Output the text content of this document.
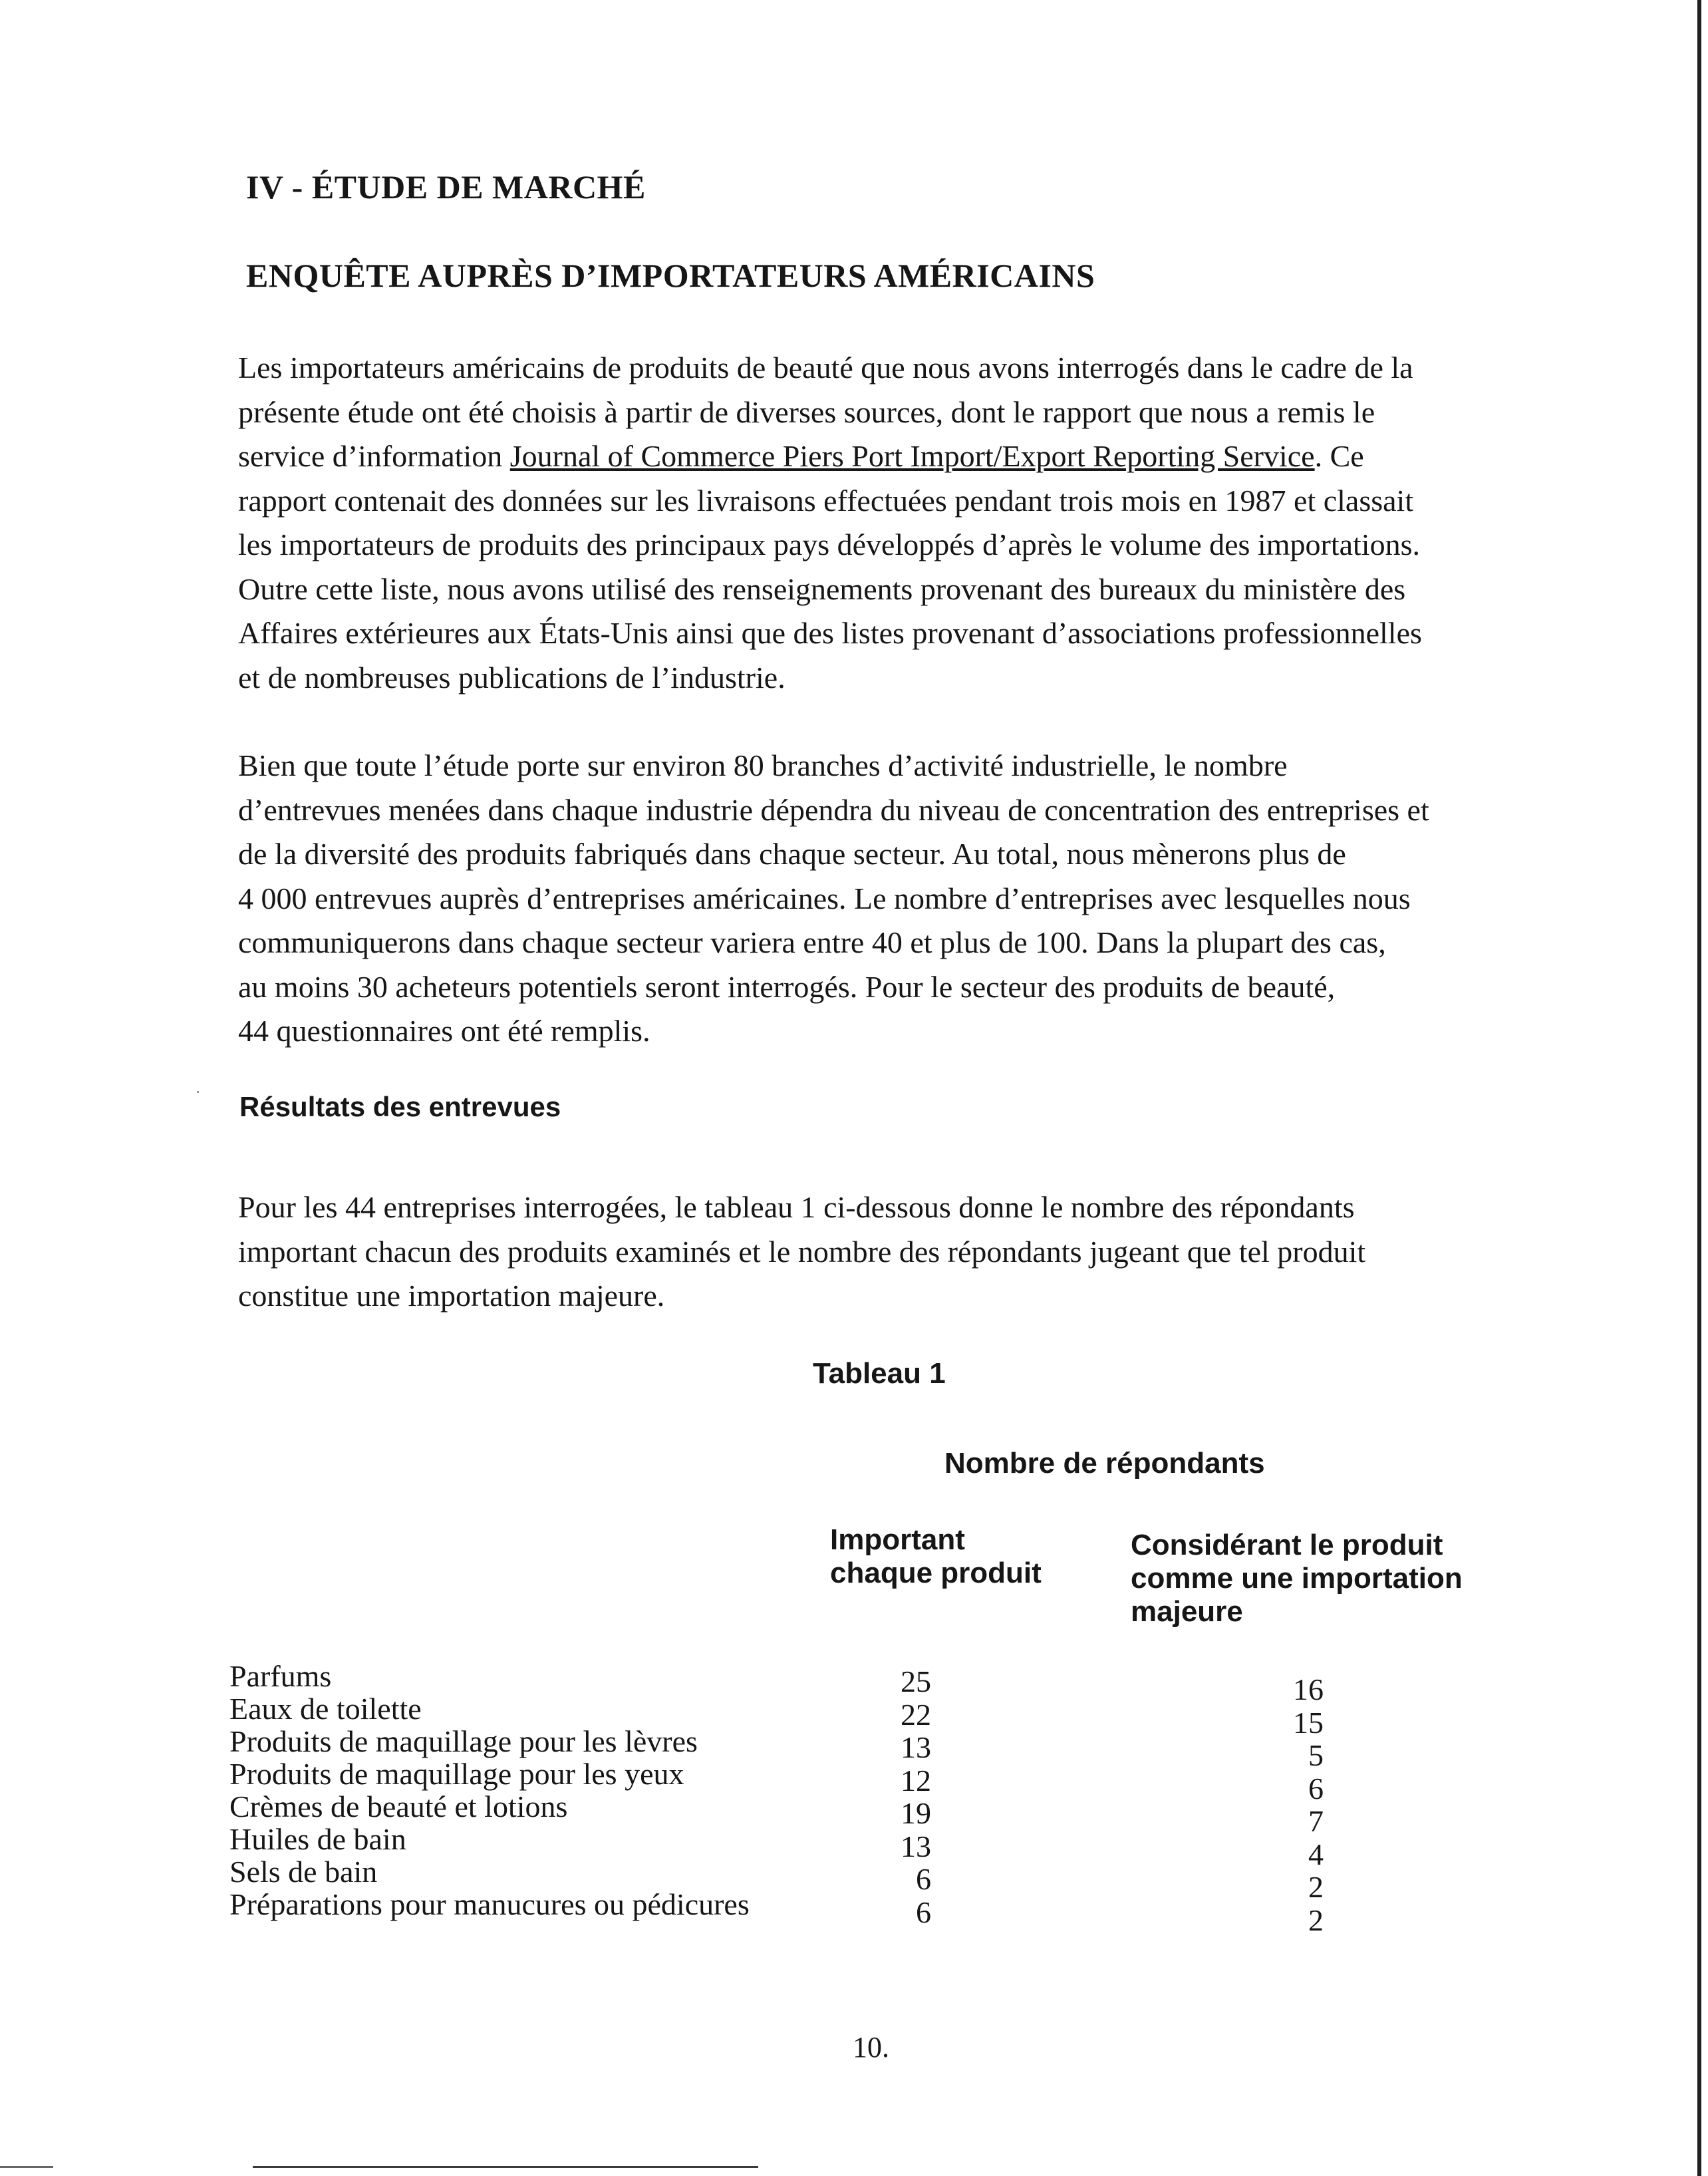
IV - ÉTUDE DE MARCHÉ
ENQUÊTE AUPRÈS D’IMPORTATEURS AMÉRICAINS

Les importateurs américains de produits de beauté que nous avons interrogés dans le cadre de la
présente étude ont été choisis à partir de diverses sources, dont le rapport que nous a remis le
service d’information Journal of Commerce Piers Port Import/Export Reporting Service. Ce
rapport contenait des données sur les livraisons effectuées pendant trois mois en 1987 et classait
les importateurs de produits des principaux pays développés d’après le volume des importations.
Outre cette liste, nous avons utilisé des renseignements provenant des bureaux du ministère des
Affaires extérieures aux États-Unis ainsi que des listes provenant d’associations professionnelles
et de nombreuses publications de l’industrie.

Bien que toute l’étude porte sur environ 80 branches d’activité industrielle, le nombre
d’entrevues menées dans chaque industrie dépendra du niveau de concentration des entreprises et
de la diversité des produits fabriqués dans chaque secteur. Au total, nous mènerons plus de
4 000 entrevues auprès d’entreprises américaines. Le nombre d’entreprises avec lesquelles nous
communiquerons dans chaque secteur variera entre 40 et plus de 100. Dans la plupart des cas,
au moins 30 acheteurs potentiels seront interrogés. Pour le secteur des produits de beauté,
44 questionnaires ont été remplis.

Résultats des entrevues

Pour les 44 entreprises interrogées, le tableau 1 ci-dessous donne le nombre des répondants
important chacun des produits examinés et le nombre des répondants jugeant que tel produit
constitue une importation majeure.

Tableau 1
Nombre de répondants
Important
chaque produit
Considérant le produit
comme une importation
majeure
Parfums
Eaux de toilette
Produits de maquillage pour les lèvres
Produits de maquillage pour les yeux
Crèmes de beauté et lotions
Huiles de bain
Sels de bain
Préparations pour manucures ou pédicures
25
22
13
12
19
13
6
6
16
15
5
6
7
4
2
2
10.
